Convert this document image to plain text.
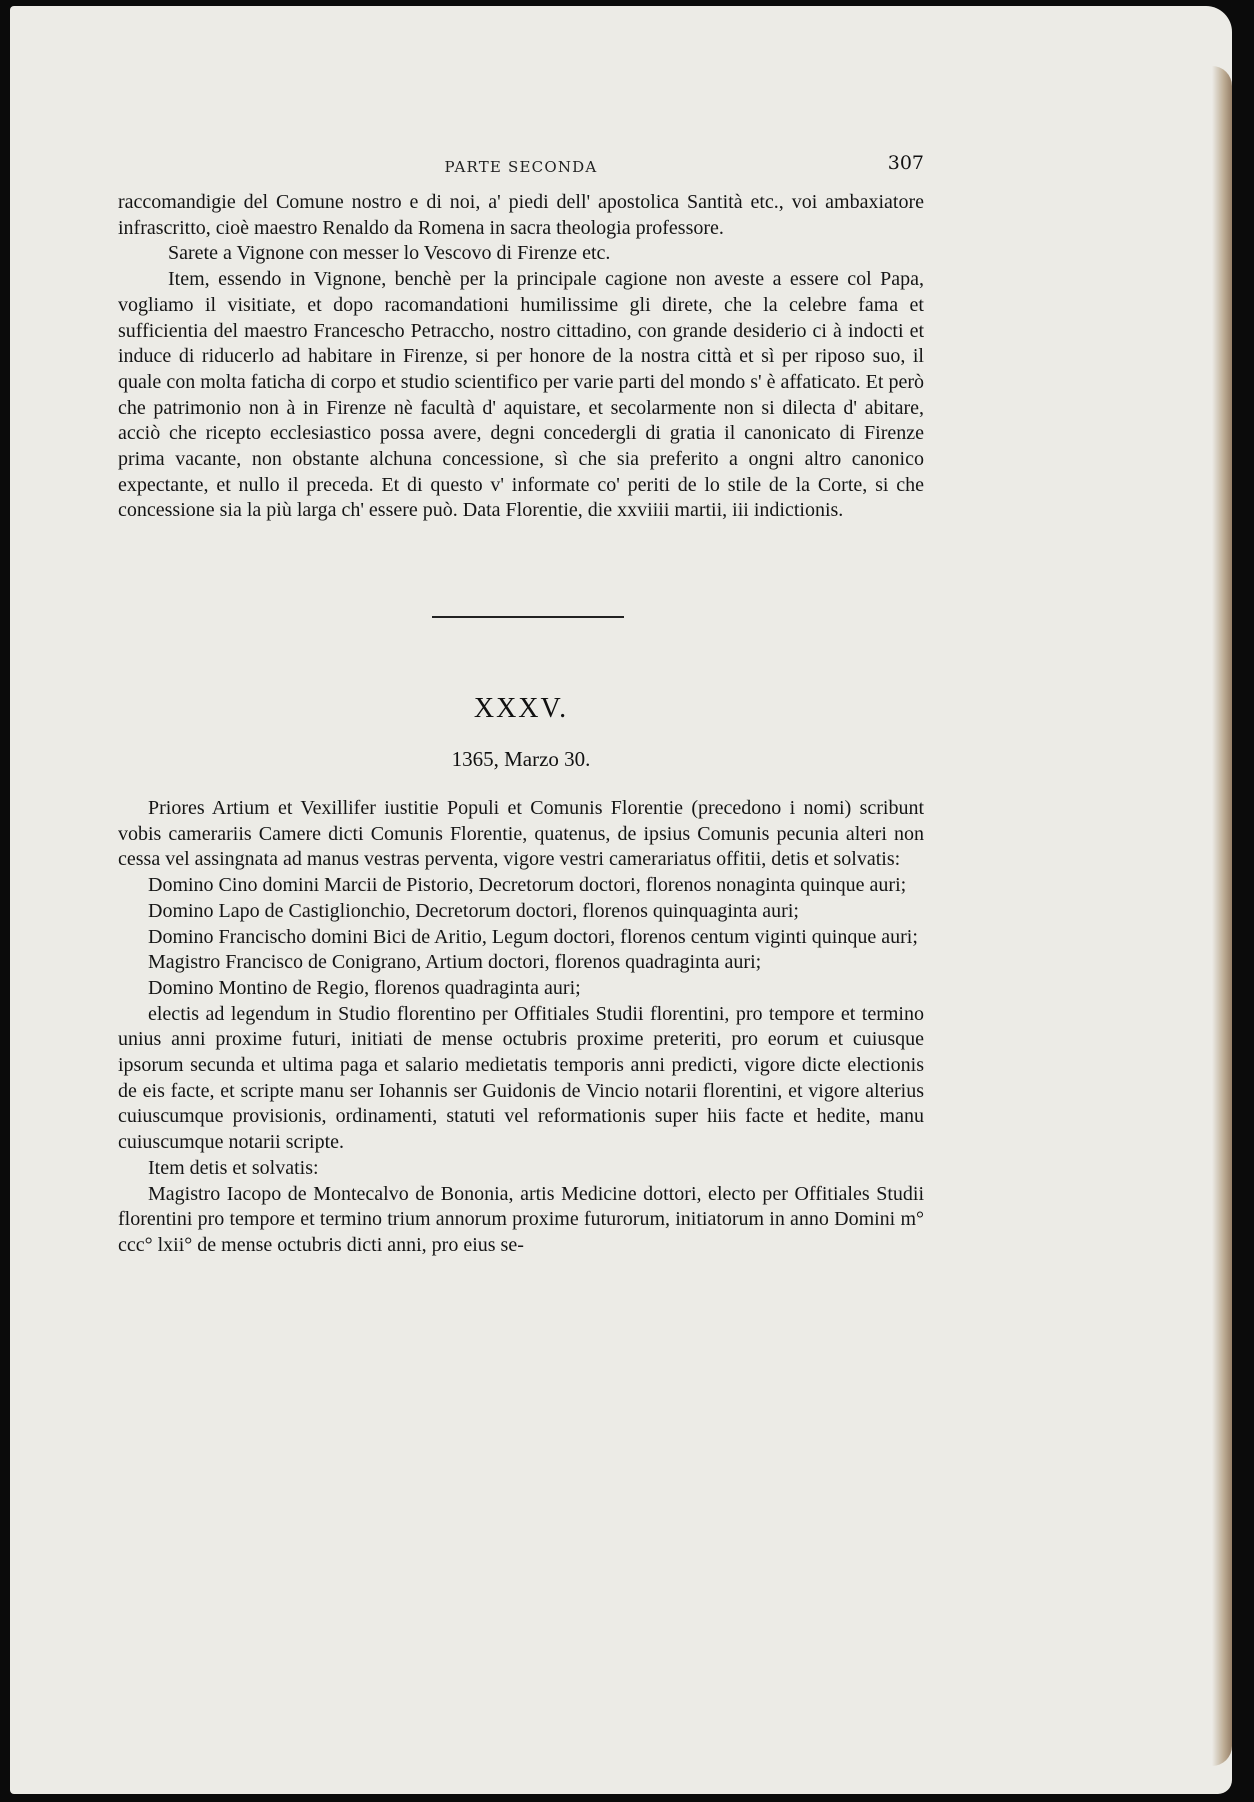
PARTE SECONDA	307

raccomandigie del Comune nostro e di noi, a' piedi dell' apostolica Santità etc., voi ambaxiatore infrascritto, cioè maestro Renaldo da Romena in sacra theologia professore.

Sarete a Vignone con messer lo Vescovo di Firenze etc.

Item, essendo in Vignone, benchè per la principale cagione non aveste a essere col Papa, vogliamo il visitiate, et dopo racomandationi humilissime gli direte, che la celebre fama et sufficientia del maestro Francescho Petraccho, nostro cittadino, con grande desiderio ci à indocti et induce di riducerlo ad habitare in Firenze, si per honore de la nostra città et sì per riposo suo, il quale con molta faticha di corpo et studio scientifico per varie parti del mondo s' è affaticato. Et però che patrimonio non à in Firenze nè facultà d' aquistare, et secolarmente non si dilecta d' abitare, acciò che ricepto ecclesiastico possa avere, degni concedergli di gratia il canonicato di Firenze prima vacante, non obstante alchuna concessione, sì che sia preferito a ongni altro canonico expectante, et nullo il preceda. Et di questo v' informate co' periti de lo stile de la Corte, si che concessione sia la più larga ch' essere può. Data Florentie, die xxviiii martii, iii indictionis.

XXXV.
1365, Marzo 30.

Priores Artium et Vexillifer iustitie Populi et Comunis Florentie (precedono i nomi) scribunt vobis camerariis Camere dicti Comunis Florentie, quatenus, de ipsius Comunis pecunia alteri non cessa vel assingnata ad manus vestras perventa, vigore vestri camerariatus offitii, detis et solvatis:

Domino Cino domini Marcii de Pistorio, Decretorum doctori, florenos nonaginta quinque auri;

Domino Lapo de Castiglionchio, Decretorum doctori, florenos quinquaginta auri;

Domino Francischo domini Bici de Aritio, Legum doctori, florenos centum viginti quinque auri;

Magistro Francisco de Conigrano, Artium doctori, florenos quadraginta auri;

Domino Montino de Regio, florenos quadraginta auri;

electis ad legendum in Studio florentino per Offitiales Studii florentini, pro tempore et termino unius anni proxime futuri, initiati de mense octubris proxime preteriti, pro eorum et cuiusque ipsorum secunda et ultima paga et salario medietatis temporis anni predicti, vigore dicte electionis de eis facte, et scripte manu ser Iohannis ser Guidonis de Vincio notarii florentini, et vigore alterius cuiuscumque provisionis, ordinamenti, statuti vel reformationis super hiis facte et hedite, manu cuiuscumque notarii scripte.

Item detis et solvatis:

Magistro Iacopo de Montecalvo de Bononia, artis Medicine dottori, electo per Offitiales Studii florentini pro tempore et termino trium annorum proxime futurorum, initiatorum in anno Domini m° ccc° lxii° de mense octubris dicti anni, pro eius se-
